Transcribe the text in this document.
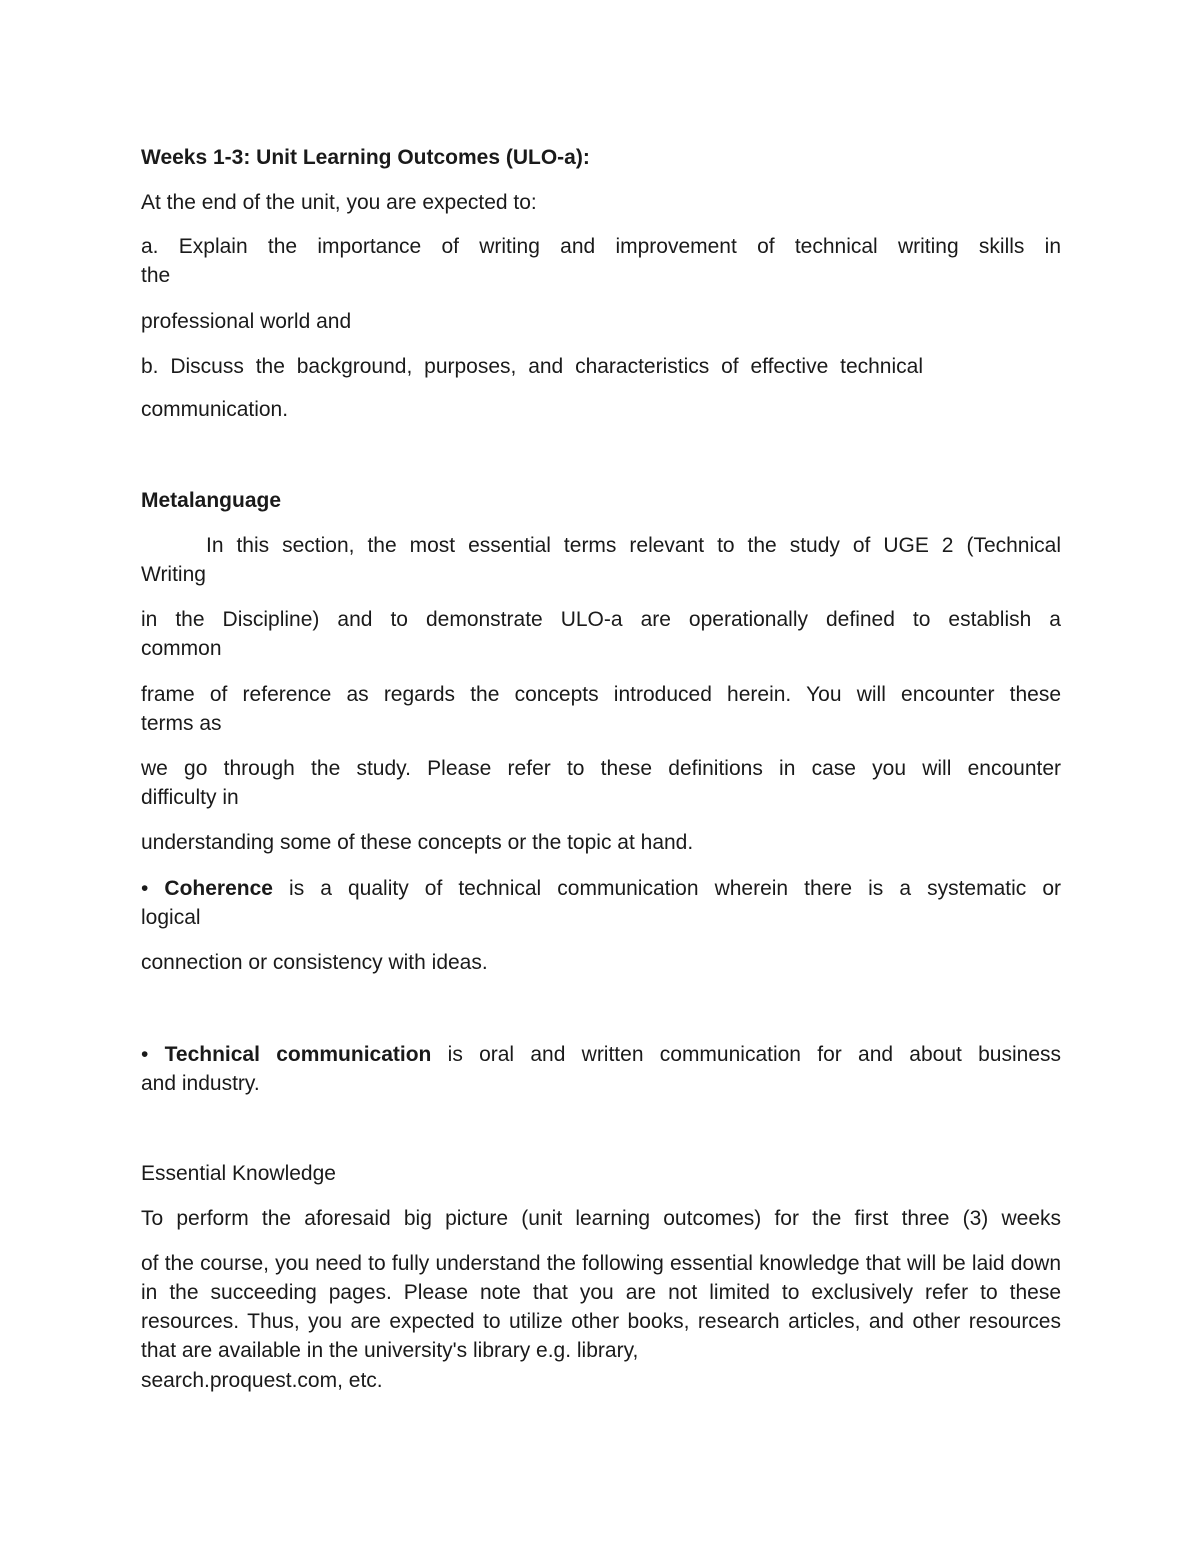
Weeks 1-3: Unit Learning Outcomes (ULO-a):
At the end of the unit, you are expected to:
a. Explain the importance of writing and improvement of technical writing skills in
the
professional world and
b. Discuss the background, purposes, and characteristics of effective technical
communication.
Metalanguage
In this section, the most essential terms relevant to the study of UGE 2 (Technical
Writing
in the Discipline) and to demonstrate ULO-a are operationally defined to establish a
common
frame of reference as regards the concepts introduced herein. You will encounter these
terms as
we go through the study. Please refer to these definitions in case you will encounter
difficulty in
understanding some of these concepts or the topic at hand.
• Coherence is a quality of technical communication wherein there is a systematic or
logical
connection or consistency with ideas.
• Technical communication is oral and written communication for and about business
and industry.
Essential Knowledge
To perform the aforesaid big picture (unit learning outcomes) for the first three (3) weeks
of the course, you need to fully understand the following essential knowledge that will be laid down in the succeeding pages. Please note that you are not limited to exclusively refer to these resources. Thus, you are expected to utilize other books, research articles, and other resources that are available in the university's library e.g. library,
search.proquest.com, etc.
